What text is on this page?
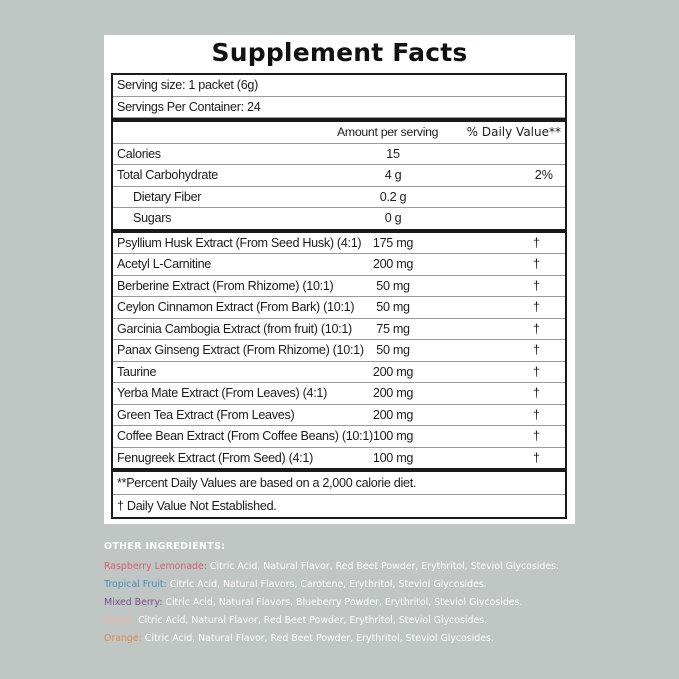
Supplement Facts
Serving size: 1 packet (6g)
Servings Per Container: 24
Amount per serving % Daily Value**
Calories	15
Total Carbohydrate	4 g	2%
Dietary Fiber	0.2 g
Sugars	0 g
Psyllium Husk Extract (From Seed Husk) (4:1) 175 mg	†
Acetyl L-Carnitine	200 mg	†
Berberine Extract (From Rhizome) (10:1)	50 mg	†
Ceylon Cinnamon Extract (From Bark) (10:1)	50 mg	†
Garcinia Cambogia Extract (from fruit) (10:1)	75 mg	†
Panax Ginseng Extract (From Rhizome) (10:1) 50 mg	†
Taurine	200 mg	†
Yerba Mate Extract (From Leaves) (4:1)	200 mg	†
Green Tea Extract (From Leaves)	200 mg	†
Coffee Bean Extract (From Coffee Beans) (10:1) 100 mg	†
Fenugreek Extract (From Seed) (4:1)	100 mg	†
**Percent Daily Values are based on a 2,000 calorie diet.
† Daily Value Not Established.
OTHER INGREDIENTS:
Raspberry Lemonade: Citric Acid, Natural Flavor, Red Beet Powder, Erythritol, Steviol Glycosides.
Tropical Fruit: Citric Acid, Natural Flavors, Carotene, Erythritol, Steviol Glycosides.
Mixed Berry: Citric Acid, Natural Flavors, Blueberry Powder, Erythritol, Steviol Glycosides.
Peach: Citric Acid, Natural Flavor, Red Beet Powder, Erythritol, Steviol Glycosides.
Orange: Citric Acid, Natural Flavor, Red Beet Powder, Erythritol, Steviol Glycosides.
